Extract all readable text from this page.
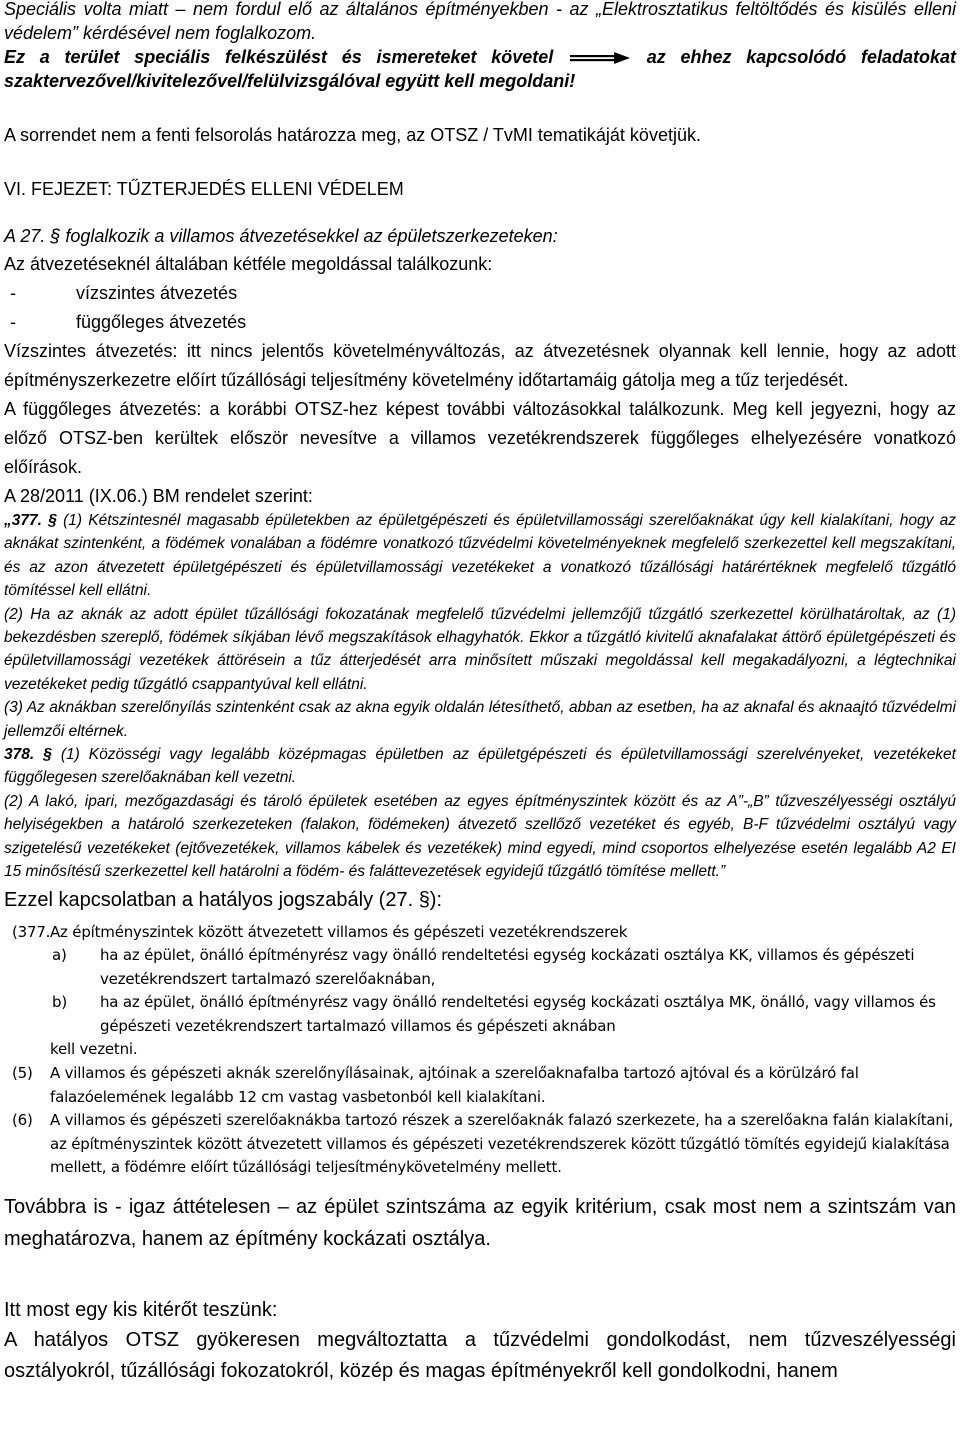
Speciális volta miatt – nem fordul elő az általános építményekben - az „Elektrosztatikus feltöltődés és kisülés elleni védelem” kérdésével nem foglalkozom.

Ez a terület speciális felkészülést és ismereteket követel	az ehhez kapcsolódó feladatokat szaktervezővel/kivitelezővel/felülvizsgálóval együtt kell megoldani!

A sorrendet nem a fenti felsorolás határozza meg, az OTSZ / TvMI tematikáját követjük.

VI. FEJEZET: TŰZTERJEDÉS ELLENI VÉDELEM

A 27. § foglalkozik a villamos átvezetésekkel az épületszerkezeteken:

Az átvezetéseknél általában kétféle megoldással találkozunk:

- vízszintes átvezetés
- függőleges átvezetés

Vízszintes átvezetés: itt nincs jelentős követelményváltozás, az átvezetésnek olyannak kell lennie, hogy az adott építményszerkezetre előírt tűzállósági teljesítmény követelmény időtartamáig gátolja meg a tűz terjedését.

A függőleges átvezetés: a korábbi OTSZ-hez képest további változásokkal találkozunk. Meg kell jegyezni, hogy az előző OTSZ-ben kerültek először nevesítve a villamos vezetékrendszerek függőleges elhelyezésére vonatkozó előírások.

A 28/2011 (IX.06.) BM rendelet szerint:

„377. § (1) Kétszintesnél magasabb épületekben az épületgépészeti és épületvillamossági szerelőaknákat úgy kell kialakítani, hogy az aknákat szintenként, a födémek vonalában a födémre vonatkozó tűzvédelmi követelményeknek megfelelő szerkezettel kell megszakítani, és az azon átvezetett épületgépészeti és épületvillamossági vezetékeket a vonatkozó tűzállósági határértéknek megfelelő tűzgátló tömítéssel kell ellátni.

(2) Ha az aknák az adott épület tűzállósági fokozatának megfelelő tűzvédelmi jellemzőjű tűzgátló szerkezettel körülhatároltak, az (1) bekezdésben szereplő, födémek síkjában lévő megszakítások elhagyhatók. Ekkor a tűzgátló kivitelű aknafalakat áttörő épületgépészeti és épületvillamossági vezetékek áttörésein a tűz átterjedését arra minősített műszaki megoldással kell megakadályozni, a légtechnikai vezetékeket pedig tűzgátló csappantyúval kell ellátni.

(3) Az aknákban szerelőnyílás szintenként csak az akna egyik oldalán létesíthető, abban az esetben, ha az aknafal és aknaajtó tűzvédelmi jellemzői eltérnek.

378. § (1) Közösségi vagy legalább középmagas épületben az épületgépészeti és épületvillamossági szerelvényeket, vezetékeket függőlegesen szerelőaknában kell vezetni.

(2) A lakó, ipari, mezőgazdasági és tároló épületek esetében az egyes építményszintek között és az A”-„B” tűzveszélyességi osztályú helyiségekben a határoló szerkezeteken (falakon, födémeken) átvezető szellőző vezetéket és egyéb, B-F tűzvédelmi osztályú vagy szigetelésű vezetékeket (ejtővezetékek, villamos kábelek és vezetékek) mind egyedi, mind csoportos elhelyezése esetén legalább A2 EI 15 minősítésű szerkezettel kell határolni a födém- és faláttevezetések egyidejű tűzgátló tömítése mellett.”

Ezzel kapcsolatban a hatályos jogszabály (27. §):

(377. Az építményszintek között átvezetett villamos és gépészeti vezetékrendszerek
a)	ha az épület, önálló építményrész vagy önálló rendeltetési egység kockázati osztálya KK, villamos és gépészeti vezetékrendszert tartalmazó szerelőaknában,
b)	ha az épület, önálló építményrész vagy önálló rendeltetési egység kockázati osztálya MK, önálló, vagy villamos és gépészeti vezetékrendszert tartalmazó villamos és gépészeti aknában
kell vezetni.
(5)	A villamos és gépészeti aknák szerelőnyílásainak, ajtóinak a szerelőaknafalba tartozó ajtóval és a körülzáró fal falazóelemének legalább 12 cm vastag vasbetonból kell kialakítani.
(6)	A villamos és gépészeti szerelőaknákba tartozó részek a szerelőaknák falazó szerkezete, ha a szerelőakna falán kialakítani, az építményszintek között átvezetett villamos és gépészeti vezetékrendszerek között tűzgátló tömítés egyidejű kialakítása mellett, a födémre előírt tűzállósági teljesítménykövetelmény mellett.

Továbbra is - igaz áttételesen – az épület szintszáma az egyik kritérium, csak most nem a szintszám van meghatározva, hanem az építmény kockázati osztálya.

Itt most egy kis kitérőt teszünk:

A hatályos OTSZ gyökeresen megváltoztatta a tűzvédelmi gondolkodást, nem tűzveszélyességi osztályokról, tűzállósági fokozatokról, közép és magas építményekről kell gondolkodni, hanem
